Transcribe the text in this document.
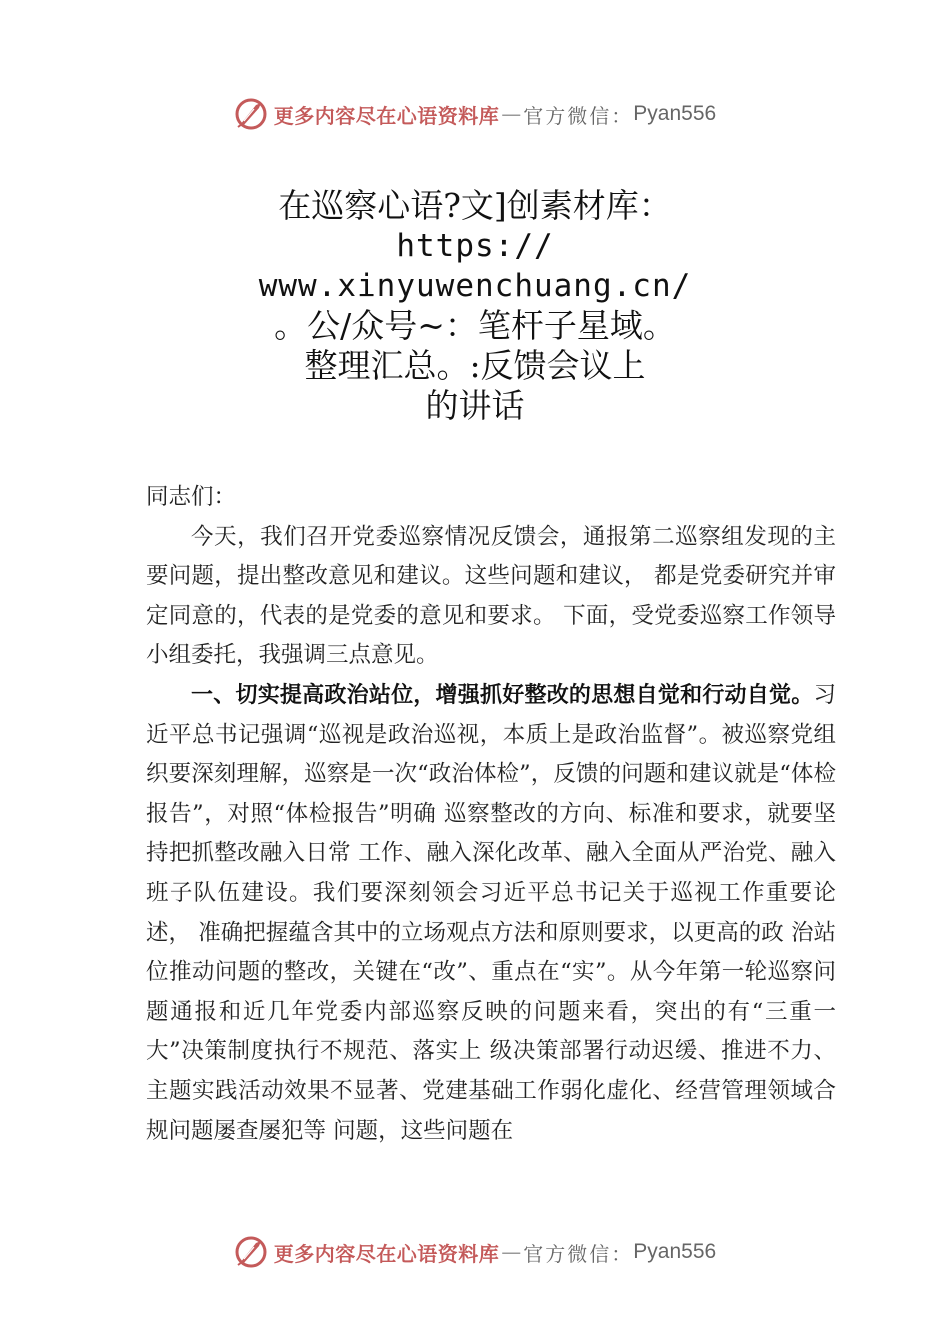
更多内容尽在心语资料库 — 官方微信： Pyan556
在巡察心语?文]创素材库：
https://
www.xinyuwenchuang.cn/
。公/众号~：笔杆子星域。
整理汇总。:反馈会议上
的讲话

同志们：

今天，我们召开党委巡察情况反馈会，通报第二巡察组发现的主要问题，提出整改意见和建议。这些问题和建议， 都是党委研究并审定同意的，代表的是党委的意见和要求。 下面，受党委巡察工作领导小组委托，我强调三点意见。

一、切实提高政治站位，增强抓好整改的思想自觉和行动自觉。习近平总书记强调“巡视是政治巡视，本质上是政治监督”。被巡察党组织要深刻理解，巡察是一次“政治体检”，反馈的问题和建议就是“体检报告”，对照“体检报告”明确 巡察整改的方向、标准和要求，就要坚持把抓整改融入日常 工作、融入深化改革、融入全面从严治党、融入班子队伍建设。我们要深刻领会习近平总书记关于巡视工作重要论述， 准确把握蕴含其中的立场观点方法和原则要求，以更高的政 治站位推动问题的整改，关键在“改”、重点在“实”。从今年第一轮巡察问题通报和近几年党委内部巡察反映的问题来看，突出的有“三重一大”决策制度执行不规范、落实上 级决策部署行动迟缓、推进不力、主题实践活动效果不显著、党建基础工作弱化虚化、经营管理领域合规问题屡查屡犯等 问题，这些问题在

更多内容尽在心语资料库 — 官方微信： Pyan556
